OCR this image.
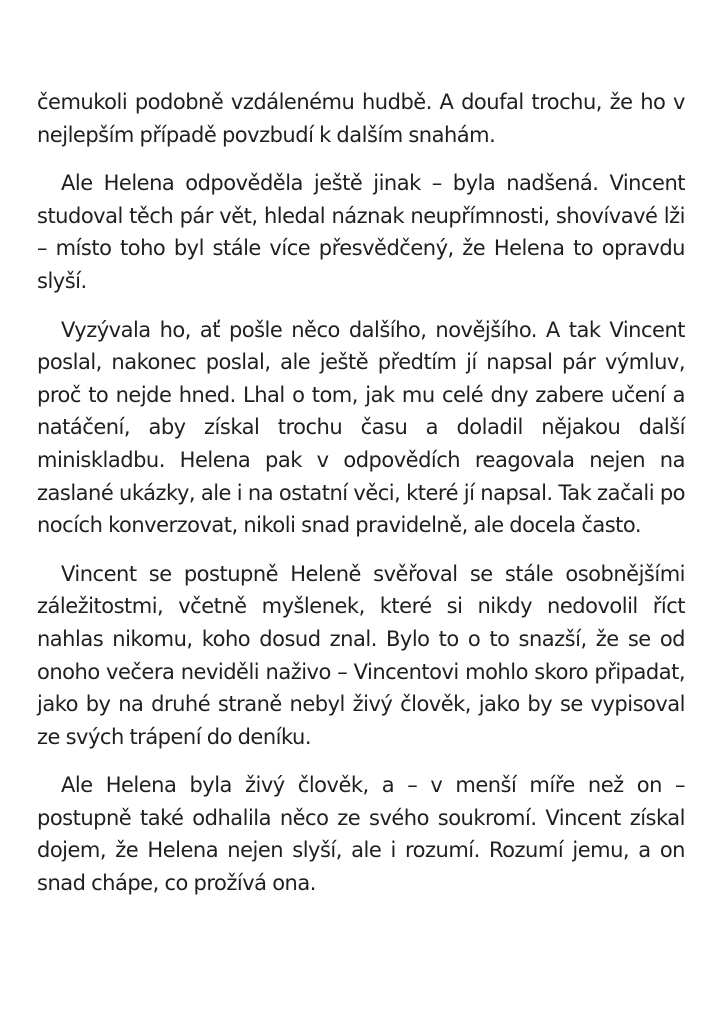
čemukoli podobně vzdálenému hudbě. A doufal trochu, že ho v nejlepším případě povzbudí k dalším snahám.

Ale Helena odpověděla ještě jinak – byla nadšená. Vincent studoval těch pár vět, hledal náznak neupřímnosti, shovívavé lži – místo toho byl stále více přesvědčený, že Helena to opravdu slyší.

Vyzývala ho, ať pošle něco dalšího, novějšího. A tak Vincent poslal, nakonec poslal, ale ještě předtím jí napsal pár výmluv, proč to nejde hned. Lhal o tom, jak mu celé dny zabere učení a natáčení, aby získal trochu času a doladil nějakou další miniskladbu. Helena pak v odpovědích reagovala nejen na zaslané ukázky, ale i na ostatní věci, které jí napsal. Tak začali po nocích konverzovat, nikoli snad pravidelně, ale docela často.

Vincent se postupně Heleně svěřoval se stále osobnějšími záležitostmi, včetně myšlenek, které si nikdy nedovolil říct nahlas nikomu, koho dosud znal. Bylo to o to snazší, že se od onoho večera neviděli naživo – Vincentovi mohlo skoro připadat, jako by na druhé straně nebyl živý člověk, jako by se vypisoval ze svých trápení do deníku.

Ale Helena byla živý člověk, a – v menší míře než on – postupně také odhalila něco ze svého soukromí. Vincent získal dojem, že Helena nejen slyší, ale i rozumí. Rozumí jemu, a on snad chápe, co prožívá ona.
